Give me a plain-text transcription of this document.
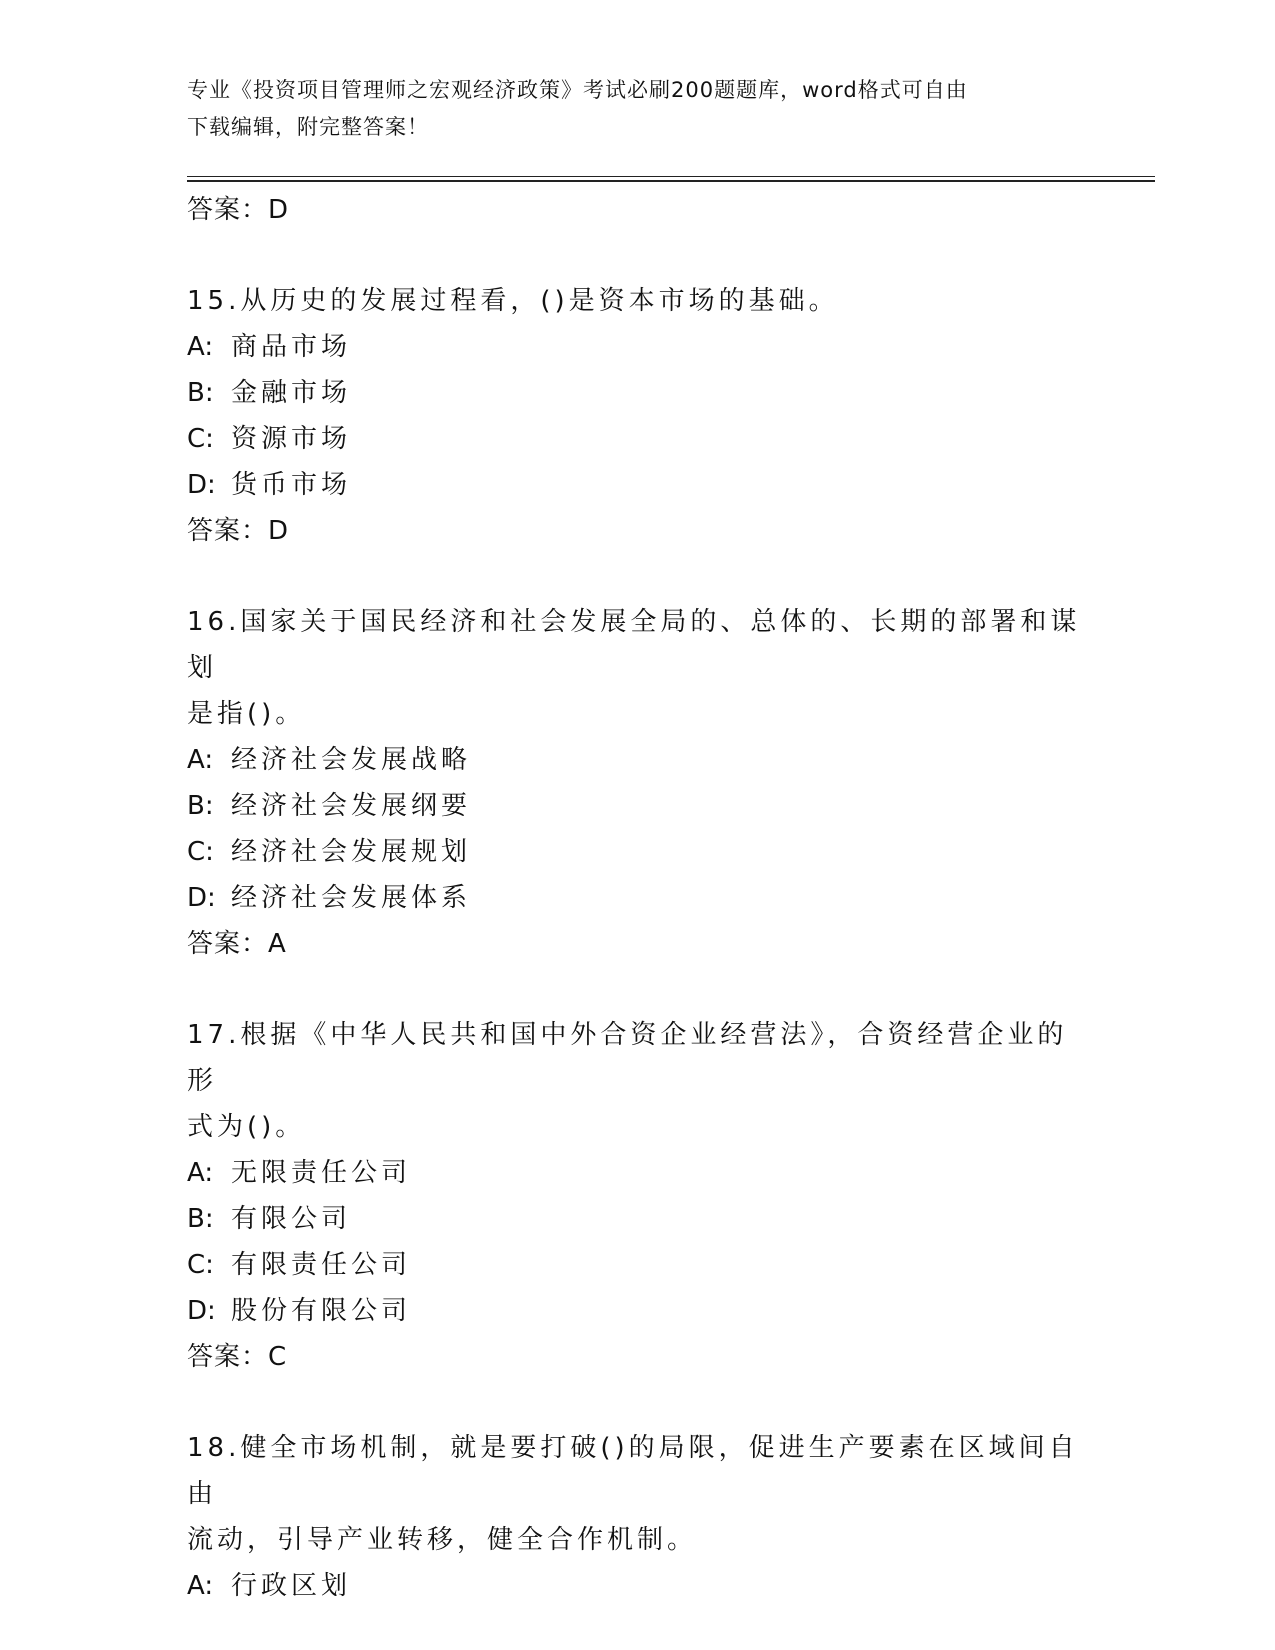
专业《投资项目管理师之宏观经济政策》考试必刷200题题库，word格式可自由
下载编辑，附完整答案！

答案：D

15.从历史的发展过程看，()是资本市场的基础。

A: 商品市场

B: 金融市场

C: 资源市场

D: 货币市场

答案：D

16.国家关于国民经济和社会发展全局的、总体的、长期的部署和谋划

是指()。

A: 经济社会发展战略

B: 经济社会发展纲要

C: 经济社会发展规划

D: 经济社会发展体系

答案：A

17.根据《中华人民共和国中外合资企业经营法》，合资经营企业的形

式为()。

A: 无限责任公司

B: 有限公司

C: 有限责任公司

D: 股份有限公司

答案：C

18.健全市场机制，就是要打破()的局限，促进生产要素在区域间自由

流动，引导产业转移，健全合作机制。

A: 行政区划
